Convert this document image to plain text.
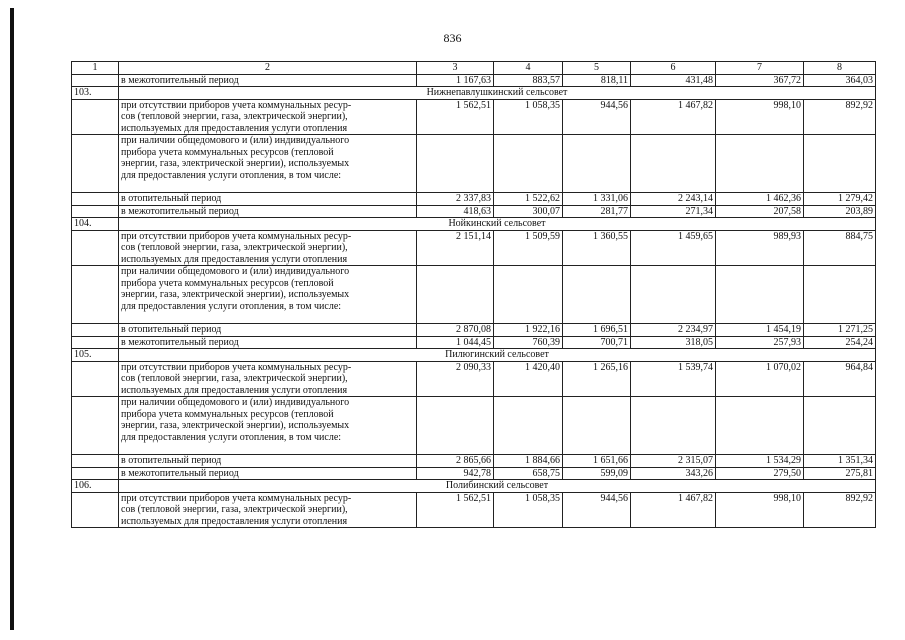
836
1	2	3	4	5	6	7	8
	в межотопительный период	1 167,63	883,57	818,11	431,48	367,72	364,03
103.	Нижнепавлушкинский сельсовет						

	при отсутствии приборов учета коммунальных ресур-
сов (тепловой энергии, газа, электрической энергии),
используемых для предоставления услуги отопления	1 562,51	1 058,35	944,56	1 467,82	998,10	892,92

	при наличии общедомового и (или) индивидуального
прибора учета коммунальных ресурсов (тепловой
энергии, газа, электрической энергии), используемых
для предоставления услуги отопления, в том числе:						

	в отопительный период	2 337,83	1 522,62	1 331,06	2 243,14	1 462,36	1 279,42
	в межотопительный период	418,63	300,07	281,77	271,34	207,58	203,89
104.	Нойкинский сельсовет						

	при отсутствии приборов учета коммунальных ресур-
сов (тепловой энергии, газа, электрической энергии),
используемых для предоставления услуги отопления	2 151,14	1 509,59	1 360,55	1 459,65	989,93	884,75

	при наличии общедомового и (или) индивидуального
прибора учета коммунальных ресурсов (тепловой
энергии, газа, электрической энергии), используемых
для предоставления услуги отопления, в том числе:						

	в отопительный период	2 870,08	1 922,16	1 696,51	2 234,97	1 454,19	1 271,25
	в межотопительный период	1 044,45	760,39	700,71	318,05	257,93	254,24
105.	Пилюгинский сельсовет						

	при отсутствии приборов учета коммунальных ресур-
сов (тепловой энергии, газа, электрической энергии),
используемых для предоставления услуги отопления	2 090,33	1 420,40	1 265,16	1 539,74	1 070,02	964,84

	при наличии общедомового и (или) индивидуального
прибора учета коммунальных ресурсов (тепловой
энергии, газа, электрической энергии), используемых
для предоставления услуги отопления, в том числе:						

	в отопительный период	2 865,66	1 884,66	1 651,66	2 315,07	1 534,29	1 351,34
	в межотопительный период	942,78	658,75	599,09	343,26	279,50	275,81
106.	Полибинский сельсовет						

	при отсутствии приборов учета коммунальных ресур-
сов (тепловой энергии, газа, электрической энергии),
используемых для предоставления услуги отопления	1 562,51	1 058,35	944,56	1 467,82	998,10	892,92
